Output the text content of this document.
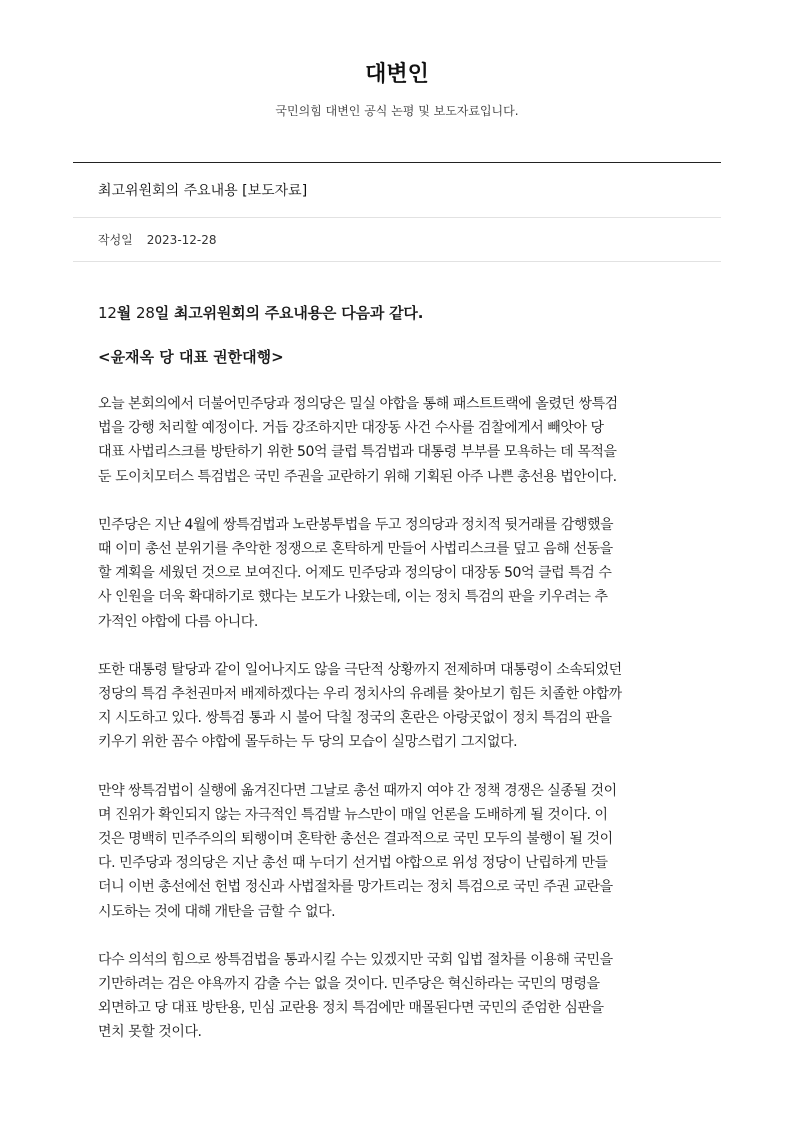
대변인

국민의힘 대변인 공식 논평 및 보도자료입니다.

최고위원회의 주요내용 [보도자료]
작성일 2023-12-28

12월 28일 최고위원회의 주요내용은 다음과 같다.

<윤재옥 당 대표 권한대행>

오늘 본회의에서 더불어민주당과 정의당은 밀실 야합을 통해 패스트트랙에 올렸던 쌍특검
법을 강행 처리할 예정이다. 거듭 강조하지만 대장동 사건 수사를 검찰에게서 빼앗아 당
대표 사법리스크를 방탄하기 위한 50억 클럽 특검법과 대통령 부부를 모욕하는 데 목적을
둔 도이치모터스 특검법은 국민 주권을 교란하기 위해 기획된 아주 나쁜 총선용 법안이다.

민주당은 지난 4월에 쌍특검법과 노란봉투법을 두고 정의당과 정치적 뒷거래를 감행했을
때 이미 총선 분위기를 추악한 정쟁으로 혼탁하게 만들어 사법리스크를 덮고 음해 선동을
할 계획을 세웠던 것으로 보여진다. 어제도 민주당과 정의당이 대장동 50억 클럽 특검 수
사 인원을 더욱 확대하기로 했다는 보도가 나왔는데, 이는 정치 특검의 판을 키우려는 추
가적인 야합에 다름 아니다.

또한 대통령 탈당과 같이 일어나지도 않을 극단적 상황까지 전제하며 대통령이 소속되었던
정당의 특검 추천권마저 배제하겠다는 우리 정치사의 유례를 찾아보기 힘든 치졸한 야합까
지 시도하고 있다. 쌍특검 통과 시 불어 닥칠 정국의 혼란은 아랑곳없이 정치 특검의 판을
키우기 위한 꼼수 야합에 몰두하는 두 당의 모습이 실망스럽기 그지없다.

만약 쌍특검법이 실행에 옮겨진다면 그날로 총선 때까지 여야 간 정책 경쟁은 실종될 것이
며 진위가 확인되지 않는 자극적인 특검발 뉴스만이 매일 언론을 도배하게 될 것이다. 이
것은 명백히 민주주의의 퇴행이며 혼탁한 총선은 결과적으로 국민 모두의 불행이 될 것이
다. 민주당과 정의당은 지난 총선 때 누더기 선거법 야합으로 위성 정당이 난립하게 만들
더니 이번 총선에선 헌법 정신과 사법절차를 망가트리는 정치 특검으로 국민 주권 교란을
시도하는 것에 대해 개탄을 금할 수 없다.

다수 의석의 힘으로 쌍특검법을 통과시킬 수는 있겠지만 국회 입법 절차를 이용해 국민을
기만하려는 검은 야욕까지 감출 수는 없을 것이다. 민주당은 혁신하라는 국민의 명령을
외면하고 당 대표 방탄용, 민심 교란용 정치 특검에만 매몰된다면 국민의 준엄한 심판을
면치 못할 것이다.
